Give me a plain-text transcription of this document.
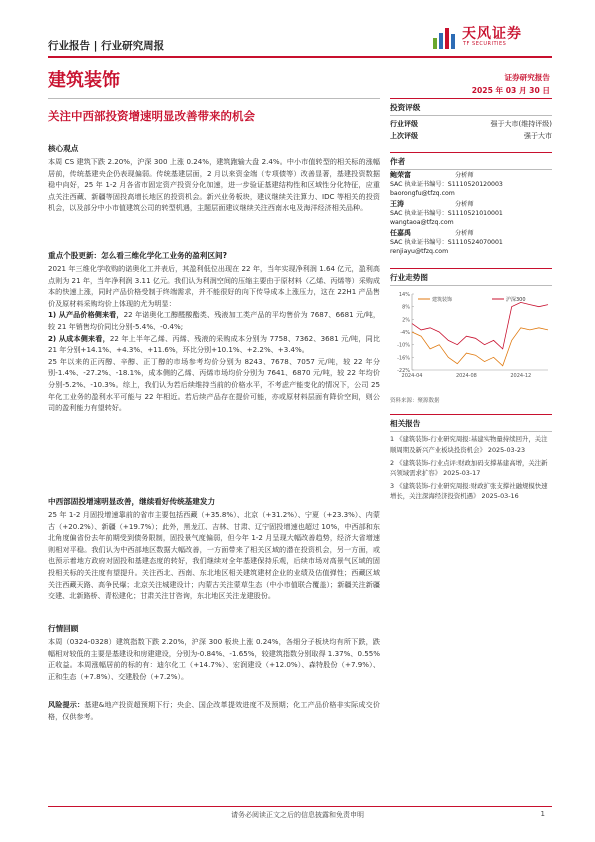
行业报告 | 行业研究周报
天风证券
TF SECURITIES
建筑装饰	证券研究报告
2025 年 03 月 30 日
关注中西部投资增速明显改善带来的机会
核心观点
本周 CS 建筑下跌 2.20%，沪深 300 上涨 0.24%，建筑跑输大盘 2.4%。中小市值转型的相关标的涨幅居前，传统基建央企仍表现偏弱。传统基建层面，2 月以来资金端（专项债等）改善显著，基建投资数据稳中向好，25 年 1-2 月各省市固定资产投资分化加速，进一步验证基建结构性和区域性分化特征，应重点关注西藏、新疆等固投高增长地区的投资机会。新兴业务板块，建议继续关注算力、IDC 等相关的投资机会，以及部分中小市值建筑公司的转型机遇，主题层面建议继续关注西南水电及海洋经济相关品种。
重点个股更新：怎么看三维化学化工业务的盈利区间?
2021 年三维化学收购的诺奥化工并表后，其盈利低位出现在 22 年，当年实现净利润 1.64 亿元，盈利高点则为 21 年，当年净利润 3.11 亿元。我们认为利润空间的压缩主要由于原材料（乙烯、丙烯等）采购成本的快速上涨，同时产品价格受制于终端需求，并不能很好的向下传导成本上涨压力，这在 22H1 产品售价及原材料采购均价上体现的尤为明显：
1) 从产品价格侧来看，22 年诺奥化工醇醛酸酯类、残液加工类产品的平均售价为 7687、6681 元/吨，较 21 年销售均价同比分别-5.4%、-0.4%;
2) 从成本侧来看，22 年上半年乙烯、丙烯、残液的采购成本分别为 7758、7362、3681 元/吨，同比 21 年分别+14.1%、+4.3%、+11.6%，环比分别+10.1%、+2.2%、+3.4%。
25 年以来的正丙醇、辛醇、正丁醇的市场参考均价分别为 8243、7678、7057 元/吨，较 22 年分别-1.4%、-27.2%、-18.1%，成本侧的乙烯、丙烯市场均价分别为 7641、6870 元/吨，较 22 年均价分别-5.2%、-10.3%。综上，我们认为若后续维持当前的价格水平，不考虑产能变化的情况下，公司 25 年化工业务的盈利水平可能与 22 年相近。若后续产品存在提价可能，亦或原材料层面有降价空间，则公司的盈利能力有望转好。
中西部固投增速明显改善，继续看好传统基建发力
25 年 1-2 月固投增速靠前的省市主要包括西藏（+35.8%）、北京（+31.2%）、宁夏（+23.3%）、内蒙古（+20.2%）、新疆（+19.7%）；此外，黑龙江、吉林、甘肃、辽宁固投增速也超过 10%，中西部和东北角度偏省份去年前期受到债务限制，固投景气度偏弱，但今年 1-2 月呈现大幅改善趋势，经济大省增速则相对平稳。我们认为中西部地区数据大幅改善，一方面带来了相关区域的潜在投资机会，另一方面，或也预示着地方政府对固投和基建态度的转好，我们继续对全年基建保持乐观，后续市场对高景气区域的固投相关标的关注度有望提升。关注西北、西南、东北地区相关建筑建材企业的业绩及估值弹性；西藏区域关注西藏天路、高争民爆；北京关注城建设计；内蒙古关注蒙草生态（中小市值联合覆盖）；新疆关注新疆交建、北新路桥、青松建化；甘肃关注甘咨询，东北地区关注龙建股份。
行情回顾
本周（0324-0328）建筑指数下跌 2.20%，沪深 300 板块上涨 0.24%，各细分子板块均有所下跌，跌幅相对较低的主要是基建设和房建建设，分别为-0.84%、-1.65%，较建筑指数分别取得 1.37%、0.55%正收益。本周涨幅居前的标的有：迪尔化工（+14.7%）、宏润建设（+12.0%）、森特股份（+7.9%）、正和生态（+7.8%）、交建股份（+7.2%）。
风险提示：基建&地产投资超预期下行；央企、国企改革提效进度不及预期；化工产品价格非实际成交价格，仅供参考。
投资评级
行业评级	强于大市(维持评级)
上次评级	强于大市
作者
鲍荣富	分析师
SAC 执业证书编号：S1110520120003
baorongfu@tfzq.com
王涛	分析师
SAC 执业证书编号：S1110521010001
wangtaoa@tfzq.com
任嘉禹	分析师
SAC 执业证书编号：S1110524070001
renjiayu@tfzq.com
行业走势图
14%
8%
2%
-4%
-10%
-16%
-22%
2024-04	2024-08	2024-12
建筑装饰	沪深300
资料来源：聚源数据
相关报告
1 《建筑装饰-行业研究周报:基建实物量持续回升，关注顺周期及新兴产业板块投资机会》 2025-03-23
2 《建筑装饰-行业点评:财政加码支撑基建高增，关注新兴领域需求扩容》 2025-03-17
3 《建筑装饰-行业研究周报:财政扩张支撑社融规模快速增长，关注深海经济投资机遇》 2025-03-16
请务必阅读正文之后的信息披露和免责申明	1
